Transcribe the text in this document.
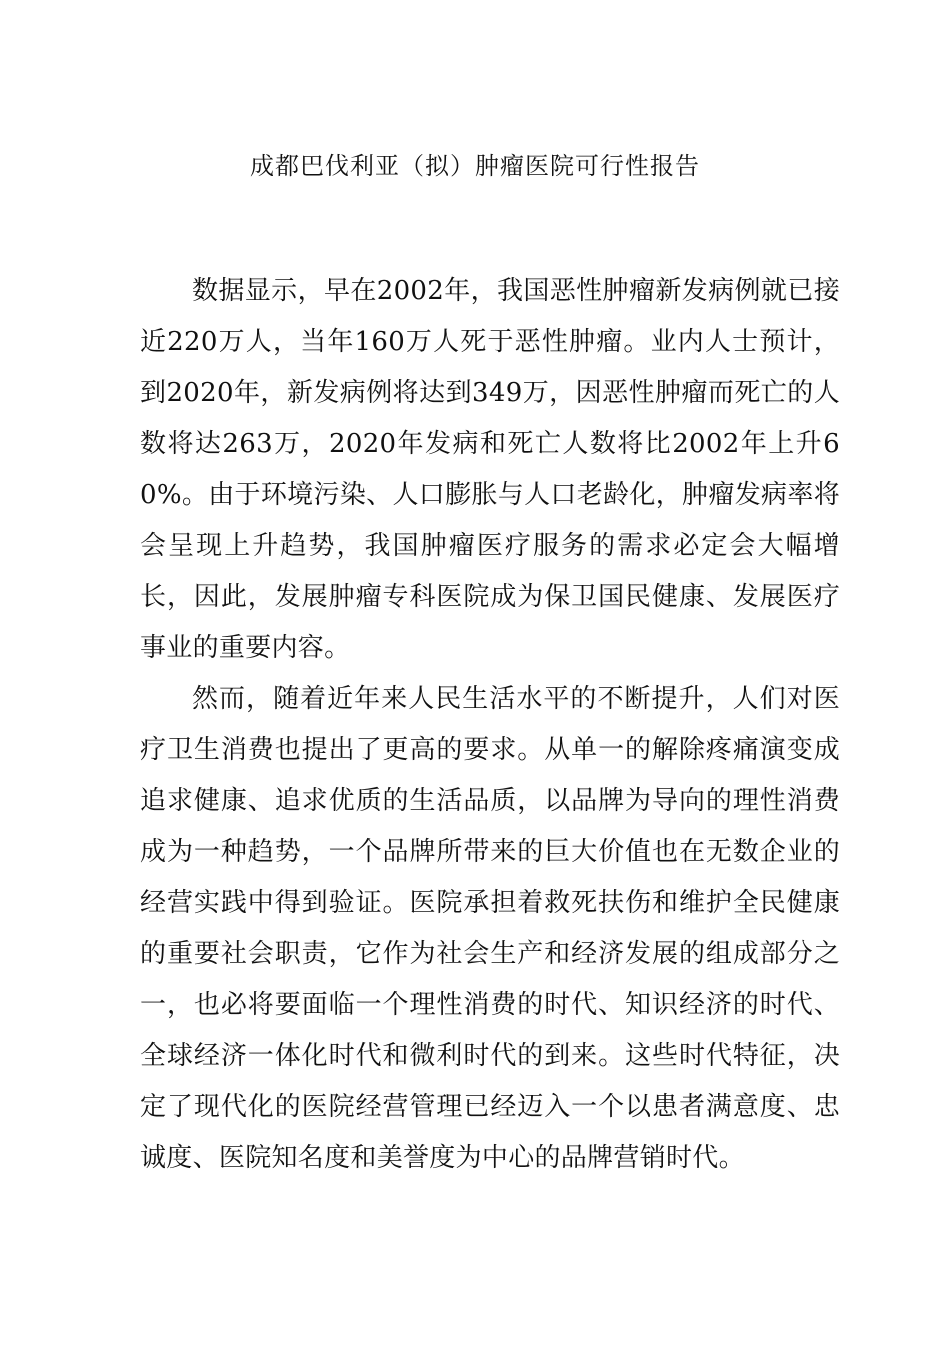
成都巴伐利亚（拟）肿瘤医院可行性报告

数据显示，早在2002年，我国恶性肿瘤新发病例就已接近220万人，当年160万人死于恶性肿瘤。业内人士预计，到2020年，新发病例将达到349万，因恶性肿瘤而死亡的人数将达263万，2020年发病和死亡人数将比2002年上升60%。由于环境污染、人口膨胀与人口老龄化，肿瘤发病率将会呈现上升趋势，我国肿瘤医疗服务的需求必定会大幅增长，因此，发展肿瘤专科医院成为保卫国民健康、发展医疗事业的重要内容。

然而，随着近年来人民生活水平的不断提升，人们对医疗卫生消费也提出了更高的要求。从单一的解除疼痛演变成追求健康、追求优质的生活品质，以品牌为导向的理性消费成为一种趋势，一个品牌所带来的巨大价值也在无数企业的经营实践中得到验证。医院承担着救死扶伤和维护全民健康的重要社会职责，它作为社会生产和经济发展的组成部分之一，也必将要面临一个理性消费的时代、知识经济的时代、全球经济一体化时代和微利时代的到来。这些时代特征，决定了现代化的医院经营管理已经迈入一个以患者满意度、忠诚度、医院知名度和美誉度为中心的品牌营销时代。
